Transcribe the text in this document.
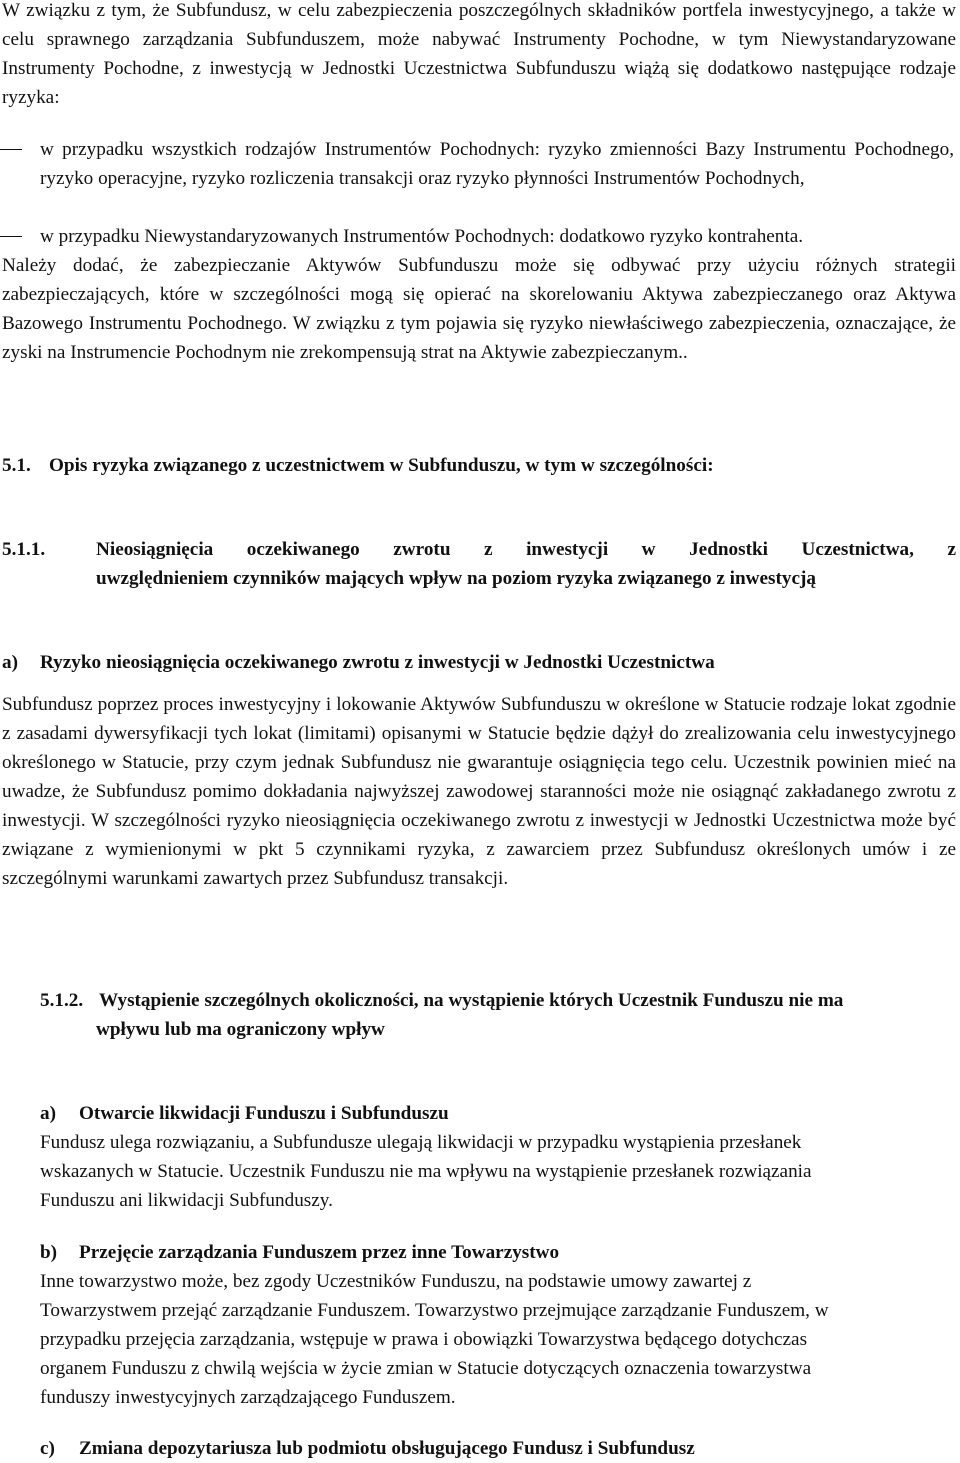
W związku z tym, że Subfundusz, w celu zabezpieczenia poszczególnych składników portfela inwestycyjnego, a także w celu sprawnego zarządzania Subfunduszem, może nabywać Instrumenty Pochodne, w tym Niewystandaryzowane Instrumenty Pochodne, z inwestycją w Jednostki Uczestnictwa Subfunduszu wiążą się dodatkowo następujące rodzaje ryzyka:
w przypadku wszystkich rodzajów Instrumentów Pochodnych: ryzyko zmienności Bazy Instrumentu Pochodnego, ryzyko operacyjne, ryzyko rozliczenia transakcji oraz ryzyko płynności Instrumentów Pochodnych,
w przypadku Niewystandaryzowanych Instrumentów Pochodnych: dodatkowo ryzyko kontrahenta.
Należy dodać, że zabezpieczanie Aktywów Subfunduszu może się odbywać przy użyciu różnych strategii zabezpieczających, które w szczególności mogą się opierać na skorelowaniu Aktywa zabezpieczanego oraz Aktywa Bazowego Instrumentu Pochodnego. W związku z tym pojawia się ryzyko niewłaściwego zabezpieczenia, oznaczające, że zyski na Instrumencie Pochodnym nie zrekompensują strat na Aktywie zabezpieczanym..
5.1. Opis ryzyka związanego z uczestnictwem w Subfunduszu, w tym w szczególności:
5.1.1.	Nieosiągnięcia oczekiwanego zwrotu z inwestycji w Jednostki Uczestnictwa, z
uwzględnieniem czynników mających wpływ na poziom ryzyka związanego z inwestycją
a) Ryzyko nieosiągnięcia oczekiwanego zwrotu z inwestycji w Jednostki Uczestnictwa
Subfundusz poprzez proces inwestycyjny i lokowanie Aktywów Subfunduszu w określone w Statucie rodzaje lokat zgodnie z zasadami dywersyfikacji tych lokat (limitami) opisanymi w Statucie będzie dążył do zrealizowania celu inwestycyjnego określonego w Statucie, przy czym jednak Subfundusz nie gwarantuje osiągnięcia tego celu. Uczestnik powinien mieć na uwadze, że Subfundusz pomimo dokładania najwyższej zawodowej staranności może nie osiągnąć zakładanego zwrotu z inwestycji. W szczególności ryzyko nieosiągnięcia oczekiwanego zwrotu z inwestycji w Jednostki Uczestnictwa może być związane z wymienionymi w pkt 5 czynnikami ryzyka, z zawarciem przez Subfundusz określonych umów i ze szczególnymi warunkami zawartych przez Subfundusz transakcji.
5.1.2. Wystąpienie szczególnych okoliczności, na wystąpienie których Uczestnik Funduszu nie ma
wpływu lub ma ograniczony wpływ
a) Otwarcie likwidacji Funduszu i Subfunduszu
Fundusz ulega rozwiązaniu, a Subfundusze ulegają likwidacji w przypadku wystąpienia przesłanek
wskazanych w Statucie. Uczestnik Funduszu nie ma wpływu na wystąpienie przesłanek rozwiązania
Funduszu ani likwidacji Subfunduszy.
b) Przejęcie zarządzania Funduszem przez inne Towarzystwo
Inne towarzystwo może, bez zgody Uczestników Funduszu, na podstawie umowy zawartej z
Towarzystwem przejąć zarządzanie Funduszem. Towarzystwo przejmujące zarządzanie Funduszem, w
przypadku przejęcia zarządzania, wstępuje w prawa i obowiązki Towarzystwa będącego dotychczas
organem Funduszu z chwilą wejścia w życie zmian w Statucie dotyczących oznaczenia towarzystwa
funduszy inwestycyjnych zarządzającego Funduszem.
c) Zmiana depozytariusza lub podmiotu obsługującego Fundusz i Subfundusz
